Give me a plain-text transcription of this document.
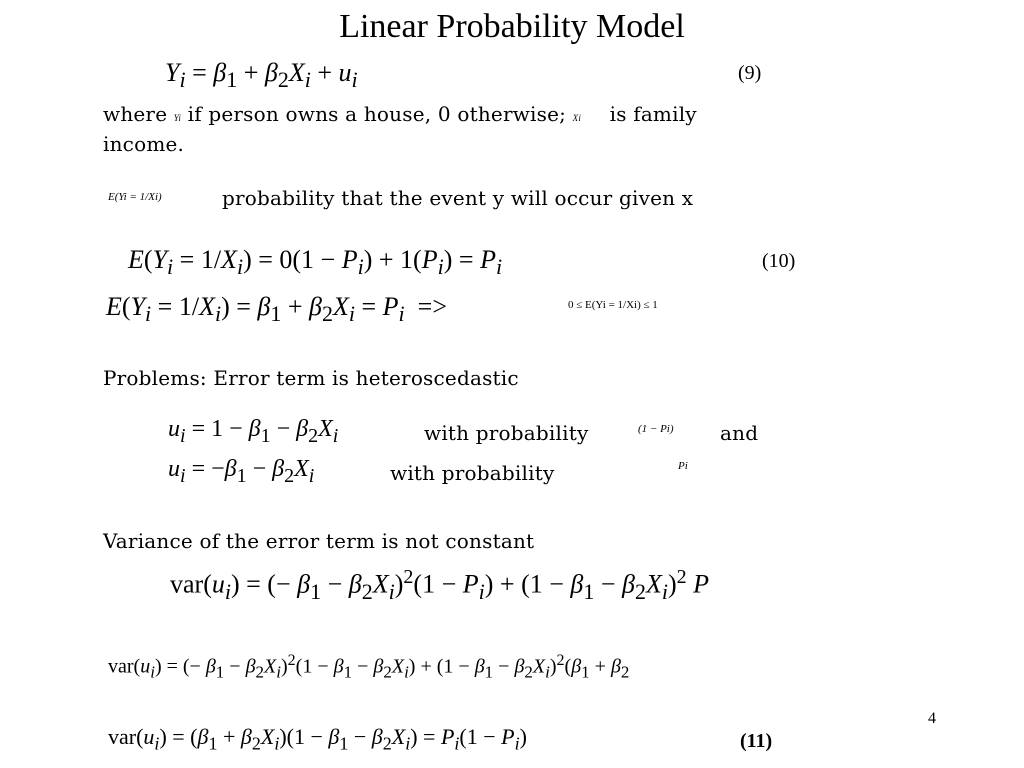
Linear Probability Model
$Y_i = \beta_1 + \beta_2X_i + u_i$	(9)
where Yi if person owns a house, 0 otherwise; Xi is family
income.
E(Yi = 1/Xi)	probability that the event y will occur given x
$E(Y_i = 1/X_i) = 0(1 - P_i) + 1(P_i) = P_i$	(10)
$E(Y_i = 1/X_i) = \beta_1 + \beta_2X_i = P_i$  =>	0 ≤ E(Yi = 1/Xi) ≤ 1
Problems: Error term is heteroscedastic
$u_i = 1 - \beta_1 - \beta_2X_i$	with probability	(1 − Pi) and
$u_i = -\beta_1 - \beta_2X_i$	with probability	Pi
Variance of the error term is not constant
$var(u_i)$ = (− $\beta_1 - \beta_2X_i)^2(1 - P_i) + (1 - \beta_1 - \beta_2X_i)^2$ P
$var(u_i)$ = (− $\beta_1 - \beta_2X_i)^2(1 - \beta_1 - \beta_2X_i) + (1 - \beta_1 - \beta_2X_i)^2(\beta_1 + \beta_2$
$var(u_i) = (\beta_1 + \beta_2X_i)(1 - \beta_1 - \beta_2X_i) = P_i(1 - P_i)$	(11)
4
